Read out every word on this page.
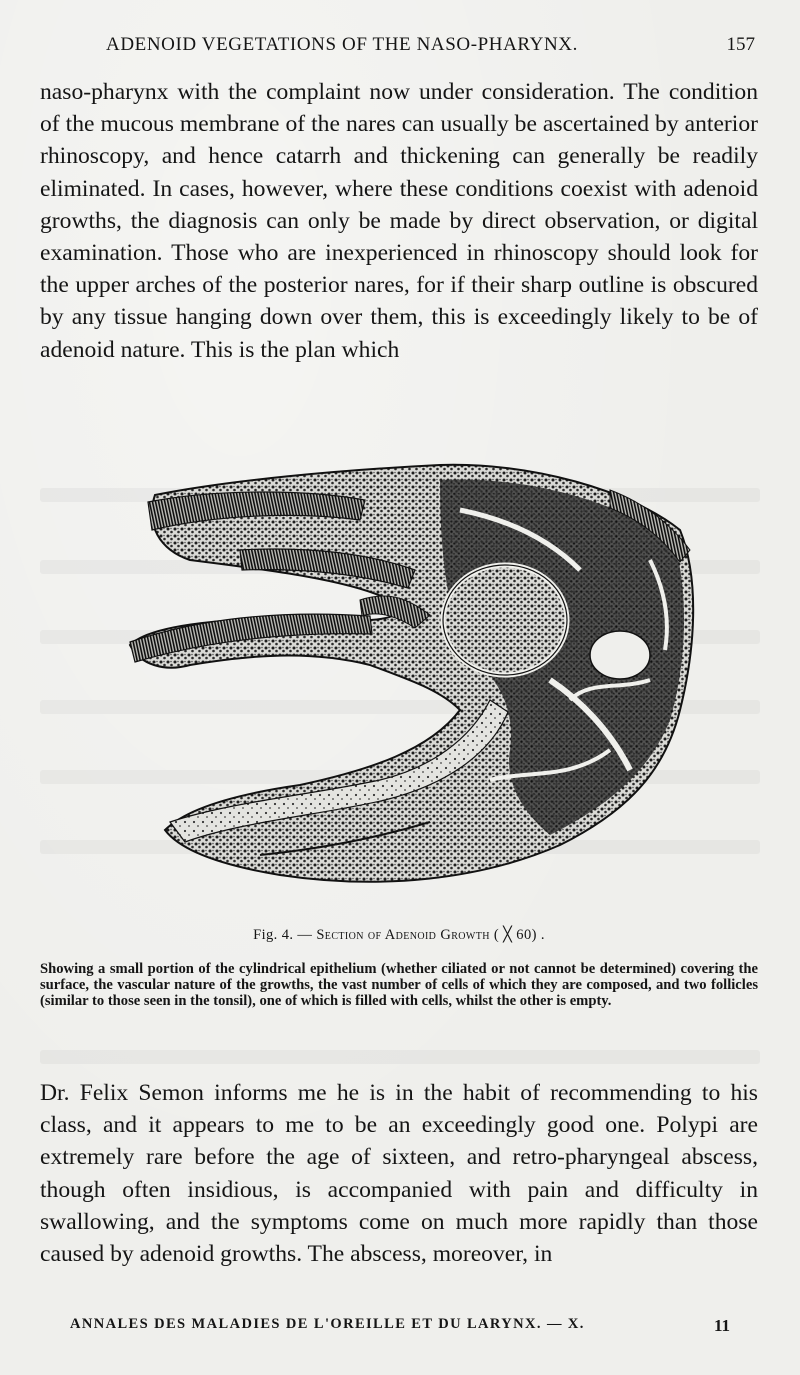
ADENOID VEGETATIONS OF THE NASO-PHARYNX.	157

naso-pharynx with the complaint now under consideration. The condition of the mucous membrane of the nares can usually be ascertained by anterior rhinoscopy, and hence catarrh and thickening can generally be readily eliminated. In cases, however, where these conditions coexist with adenoid growths, the diagnosis can only be made by direct observation, or digital examination. Those who are inexperienced in rhinoscopy should look for the upper arches of the posterior nares, for if their sharp outline is obscured by any tissue hanging down over them, this is exceedingly likely to be of adenoid nature. This is the plan which

Fig. 4. — Section of Adenoid Growth ( ╳ 60) .

Showing a small portion of the cylindrical epithelium (whether ciliated or not cannot be determined) covering the surface, the vascular nature of the growths, the vast number of cells of which they are composed, and two follicles (similar to those seen in the tonsil), one of which is filled with cells, whilst the other is empty.

Dr. Felix Semon informs me he is in the habit of recommending to his class, and it appears to me to be an exceedingly good one. Polypi are extremely rare before the age of sixteen, and retro-pharyngeal abscess, though often insidious, is accompanied with pain and difficulty in swallowing, and the symptoms come on much more rapidly than those caused by adenoid growths. The abscess, moreover, in

ANNALES DES MALADIES DE L'OREILLE ET DU LARYNX. — X.	11
